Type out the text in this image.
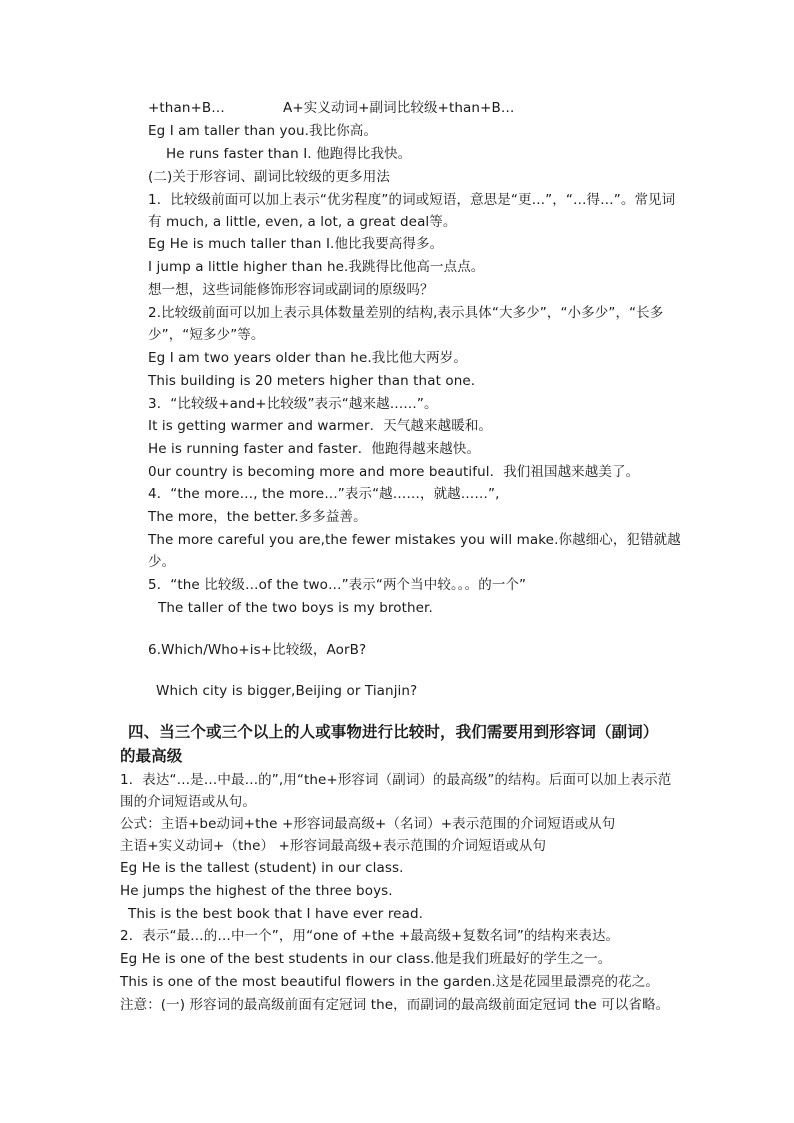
+than+B…	A+实义动词+副词比较级+than+B…
Eg I am taller than you.我比你高。
He runs faster than I. 他跑得比我快。
(二)关于形容词、副词比较级的更多用法
1．比较级前面可以加上表示“优劣程度”的词或短语，意思是“更…”，“…得…”。常见词
有 much, a little, even, a lot, a great deal等。
Eg He is much taller than I.他比我要高得多。
I jump a little higher than he.我跳得比他高一点点。
想一想，这些词能修饰形容词或副词的原级吗？
2.比较级前面可以加上表示具体数量差别的结构,表示具体“大多少”，“小多少”，“长多
少”，“短多少”等。
Eg I am two years older than he.我比他大两岁。
This building is 20 meters higher than that one.
3．“比较级+and+比较级”表示“越来越……”。
It is getting warmer and warmer．天气越来越暖和。
He is running faster and faster．他跑得越来越快。
0ur country is becoming more and more beautiful．我们祖国越来越美了。
4．“the more…, the more…”表示“越……，就越……”,
The more，the better.多多益善。
The more careful you are,the fewer mistakes you will make.你越细心，犯错就越
少。
5．“the 比较级…of the two…”表示“两个当中较。。。的一个”
The taller of the two boys is my brother.
6.Which/Who+is+比较级，AorB?
Which city is bigger,Beijing or Tianjin?
四、当三个或三个以上的人或事物进行比较时，我们需要用到形容词（副词）
的最高级
1．表达“…是…中最…的”,用“the+形容词（副词）的最高级”的结构。后面可以加上表示范
围的介词短语或从句。
公式：主语+be动词+the +形容词最高级+（名词）+表示范围的介词短语或从句
主语+实义动词+（the） +形容词最高级+表示范围的介词短语或从句
Eg He is the tallest (student) in our class.
He jumps the highest of the three boys.
This is the best book that I have ever read.
2．表示“最…的…中一个”，用“one of +the +最高级+复数名词”的结构来表达。
Eg He is one of the best students in our class.他是我们班最好的学生之一。
This is one of the most beautiful flowers in the garden.这是花园里最漂亮的花之。
注意：(一) 形容词的最高级前面有定冠词 the，而副词的最高级前面定冠词 the 可以省略。
